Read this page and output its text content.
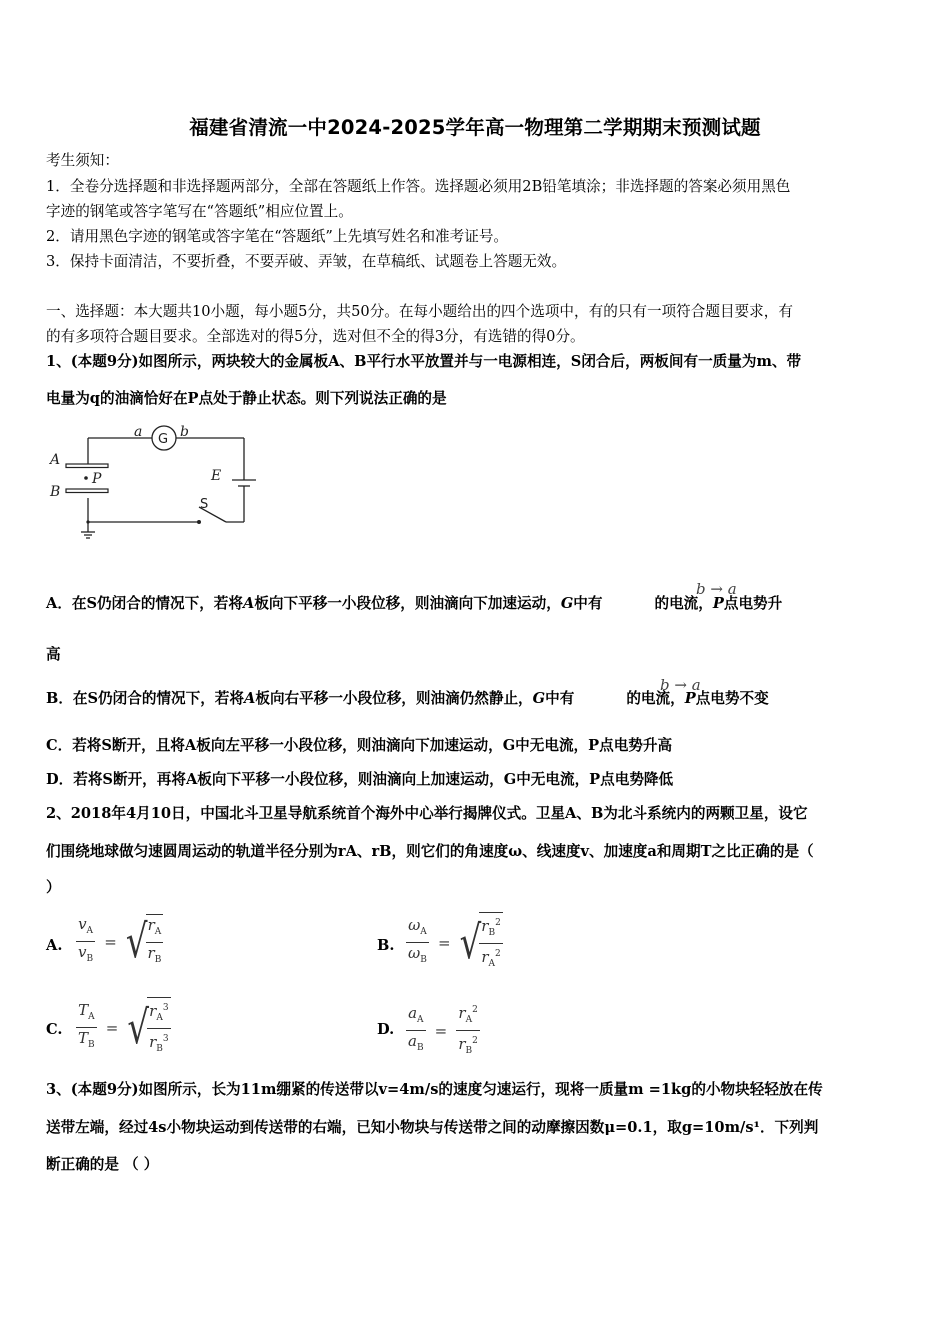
福建省清流一中2024-2025学年高一物理第二学期期末预测试题
考生须知：
1．全卷分选择题和非选择题两部分，全部在答题纸上作答。选择题必须用2B铅笔填涂；非选择题的答案必须用黑色
字迹的钢笔或答字笔写在“答题纸”相应位置上。
2．请用黑色字迹的钢笔或答字笔在“答题纸”上先填写姓名和准考证号。
3．保持卡面清洁，不要折叠，不要弄破、弄皱，在草稿纸、试题卷上答题无效。
一、选择题：本大题共10小题，每小题5分，共50分。在每小题给出的四个选项中，有的只有一项符合题目要求，有
的有多项符合题目要求。全部选对的得5分，选对但不全的得3分，有选错的得0分。
1、(本题9分)如图所示，两块较大的金属板A、B平行水平放置并与一电源相连，S闭合后，两板间有一质量为m、带
电量为q的油滴恰好在P点处于静止状态。则下列说法正确的是
a	b
A
B
P	E
G
S
A．在S仍闭合的情况下，若将A板向下平移一小段位移，则油滴向下加速运动，G中有	的电流，P点电势升
b → a
高
B．在S仍闭合的情况下，若将A板向右平移一小段位移，则油滴仍然静止，G中有	的电流，P点电势不变
b → a
C．若将S断开，且将A板向左平移一小段位移，则油滴向下加速运动，G中无电流，P点电势升高
D．若将S断开，再将A板向下平移一小段位移，则油滴向上加速运动，G中无电流，P点电势降低
2、2018年4月10日，中国北斗卫星导航系统首个海外中心举行揭牌仪式。卫星A、B为北斗系统内的两颗卫星，设它
们围绕地球做匀速圆周运动的轨道半径分别为rA、rB，则它们的角速度ω、线速度v、加速度a和周期T之比正确的是（
）
A. $\frac{v_A}{v_B}$ = √
$\frac{r_A}{r_B}$	B. $\frac{\omega_A}{\omega_B}$ = √
$\frac{r_B^2}{r_A^2}$
C. $\frac{T_A}{T_B}$ = √
$\frac{r_A^3}{r_B^3}$	D. $\frac{a_A}{a_B} = \frac{r_A^2}{r_B^2}$
3、(本题9分)如图所示，长为11m绷紧的传送带以v=4m/s的速度匀速运行，现将一质量m =1kg的小物块轻轻放在传
送带左端，经过4s小物块运动到传送带的右端，已知小物块与传送带之间的动摩擦因数μ=0.1，取g=10m/s¹．下列判
断正确的是 （ ）
